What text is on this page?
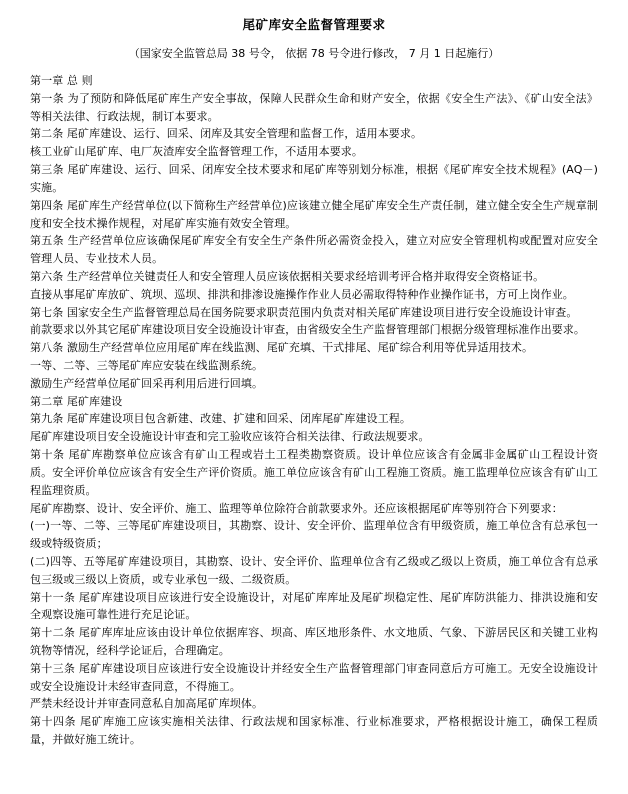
尾矿库安全监督管理要求
（国家安全监管总局 38 号令， 依据 78 号令进行修改， 7 月 1 日起施行）

第一章 总 则

第一条 为了预防和降低尾矿库生产安全事故，保障人民群众生命和财产安全，依据《安全生产法》、《矿山安全法》等相关法律、行政法规，制订本要求。

第二条 尾矿库建设、运行、回采、闭库及其安全管理和监督工作，适用本要求。

核工业矿山尾矿库、电厂灰渣库安全监督管理工作，不适用本要求。

第三条 尾矿库建设、运行、回采、闭库安全技术要求和尾矿库等别划分标准，根据《尾矿库安全技术规程》(AQ－)实施。

第四条 尾矿库生产经营单位(以下简称生产经营单位)应该建立健全尾矿库安全生产责任制，建立健全安全生产规章制度和安全技术操作规程，对尾矿库实施有效安全管理。

第五条 生产经营单位应该确保尾矿库安全有安全生产条件所必需资金投入，建立对应安全管理机构或配置对应安全管理人员、专业技术人员。

第六条 生产经营单位关键责任人和安全管理人员应该依据相关要求经培训考评合格并取得安全资格证书。

直接从事尾矿库放矿、筑坝、巡坝、排洪和排渗设施操作作业人员必需取得特种作业操作证书，方可上岗作业。

第七条 国家安全生产监督管理总局在国务院要求职责范围内负责对相关尾矿库建设项目进行安全设施设计审查。

前款要求以外其它尾矿库建设项目安全设施设计审查，由省级安全生产监督管理部门根据分级管理标准作出要求。

第八条 激励生产经营单位应用尾矿库在线监测、尾矿充填、干式排尾、尾矿综合利用等优异适用技术。

一等、二等、三等尾矿库应安装在线监测系统。

激励生产经营单位尾矿回采再利用后进行回填。

第二章 尾矿库建设

第九条 尾矿库建设项目包含新建、改建、扩建和回采、闭库尾矿库建设工程。

尾矿库建设项目安全设施设计审查和完工验收应该符合相关法律、行政法规要求。

第十条 尾矿库勘察单位应该含有矿山工程或岩土工程类勘察资质。设计单位应该含有金属非金属矿山工程设计资质。安全评价单位应该含有安全生产评价资质。施工单位应该含有矿山工程施工资质。施工监理单位应该含有矿山工程监理资质。

尾矿库勘察、设计、安全评价、施工、监理等单位除符合前款要求外。还应该根据尾矿库等别符合下列要求：

(一)一等、二等、三等尾矿库建设项目，其勘察、设计、安全评价、监理单位含有甲级资质，施工单位含有总承包一级或特级资质；

(二)四等、五等尾矿库建设项目，其勘察、设计、安全评价、监理单位含有乙级或乙级以上资质，施工单位含有总承包三级或三级以上资质，或专业承包一级、二级资质。

第十一条 尾矿库建设项目应该进行安全设施设计，对尾矿库库址及尾矿坝稳定性、尾矿库防洪能力、排洪设施和安全观察设施可靠性进行充足论证。

第十二条 尾矿库库址应该由设计单位依据库容、坝高、库区地形条件、水文地质、气象、下游居民区和关键工业构筑物等情况，经科学论证后，合理确定。

第十三条 尾矿库建设项目应该进行安全设施设计并经安全生产监督管理部门审查同意后方可施工。无安全设施设计或安全设施设计未经审查同意，不得施工。

严禁未经设计并审查同意私自加高尾矿库坝体。

第十四条 尾矿库施工应该实施相关法律、行政法规和国家标准、行业标准要求，严格根据设计施工，确保工程质量，并做好施工统计。
